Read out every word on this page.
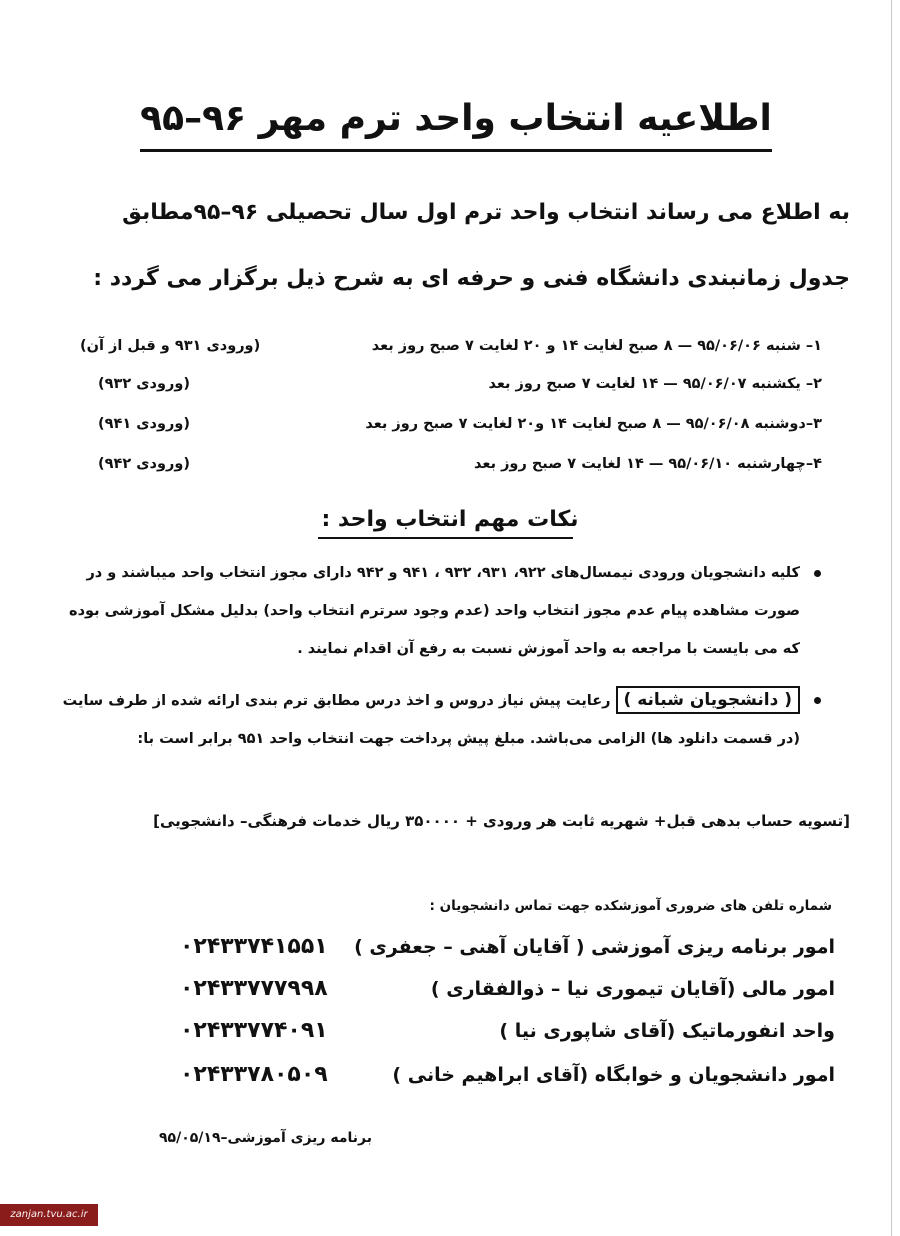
اطلاعیه انتخاب واحد ترم مهر ۹۶–۹۵
به اطلاع می رساند انتخاب واحد ترم اول سال تحصیلی ۹۶–۹۵مطابق
جدول زمانبندی دانشگاه فنی و حرفه ای به شرح ذیل برگزار می گردد :
۱– شنبه ۹۵/۰۶/۰۶ — ۸ صبح لغایت ۱۴ و ۲۰ لغایت ۷ صبح روز بعد
(ورودی ۹۳۱ و قبل از آن)
۲– یکشنبه ۹۵/۰۶/۰۷ — ۱۴ لغایت ۷ صبح روز بعد
(ورودی ۹۳۲)
۳–دوشنبه ۹۵/۰۶/۰۸ — ۸ صبح لغایت ۱۴ و۲۰ لغایت ۷ صبح روز بعد
(ورودی ۹۴۱)
۴–چهارشنبه ۹۵/۰۶/۱۰ — ۱۴ لغایت ۷ صبح روز بعد
(ورودی ۹۴۲)
نکات مهم انتخاب واحد :
کلیه دانشجویان ورودی نیمسال‌های ۹۲۲، ۹۳۱، ۹۳۲ ، ۹۴۱ و ۹۴۲ دارای مجوز انتخاب واحد میباشند و در
صورت مشاهده پیام عدم مجوز انتخاب واحد (عدم وجود سرترم انتخاب واحد) بدلیل مشکل آموزشی بوده
که می بایست با مراجعه به واحد آموزش نسبت به رفع آن اقدام نمایند .
( دانشجویان شبانه ) رعایت پیش نیاز دروس و اخذ درس مطابق ترم بندی ارائه شده از طرف سایت
(در قسمت دانلود ها) الزامی می‌باشد. مبلغ پیش پرداخت جهت انتخاب واحد ۹۵۱ برابر است با:
[تسویه حساب بدهی قبل+ شهریه ثابت هر ورودی + ۳۵۰۰۰۰ ریال خدمات فرهنگی– دانشجویی]
شماره تلفن های ضروری آموزشکده جهت تماس دانشجویان :
امور برنامه ریزی آموزشی ( آقایان آهنی – جعفری )
۰۲۴۳۳۷۴۱۵۵۱
امور مالی (آقایان تیموری نیا – ذوالفقاری )
۰۲۴۳۳۷۷۷۹۹۸
واحد انفورماتیک (آقای شاپوری نیا )
۰۲۴۳۳۷۷۴۰۹۱
امور دانشجویان و خوابگاه (آقای ابراهیم خانی )
۰۲۴۳۳۷۸۰۵۰۹
برنامه ریزی آموزشی–۹۵/۰۵/۱۹
zanjan.tvu.ac.ir
